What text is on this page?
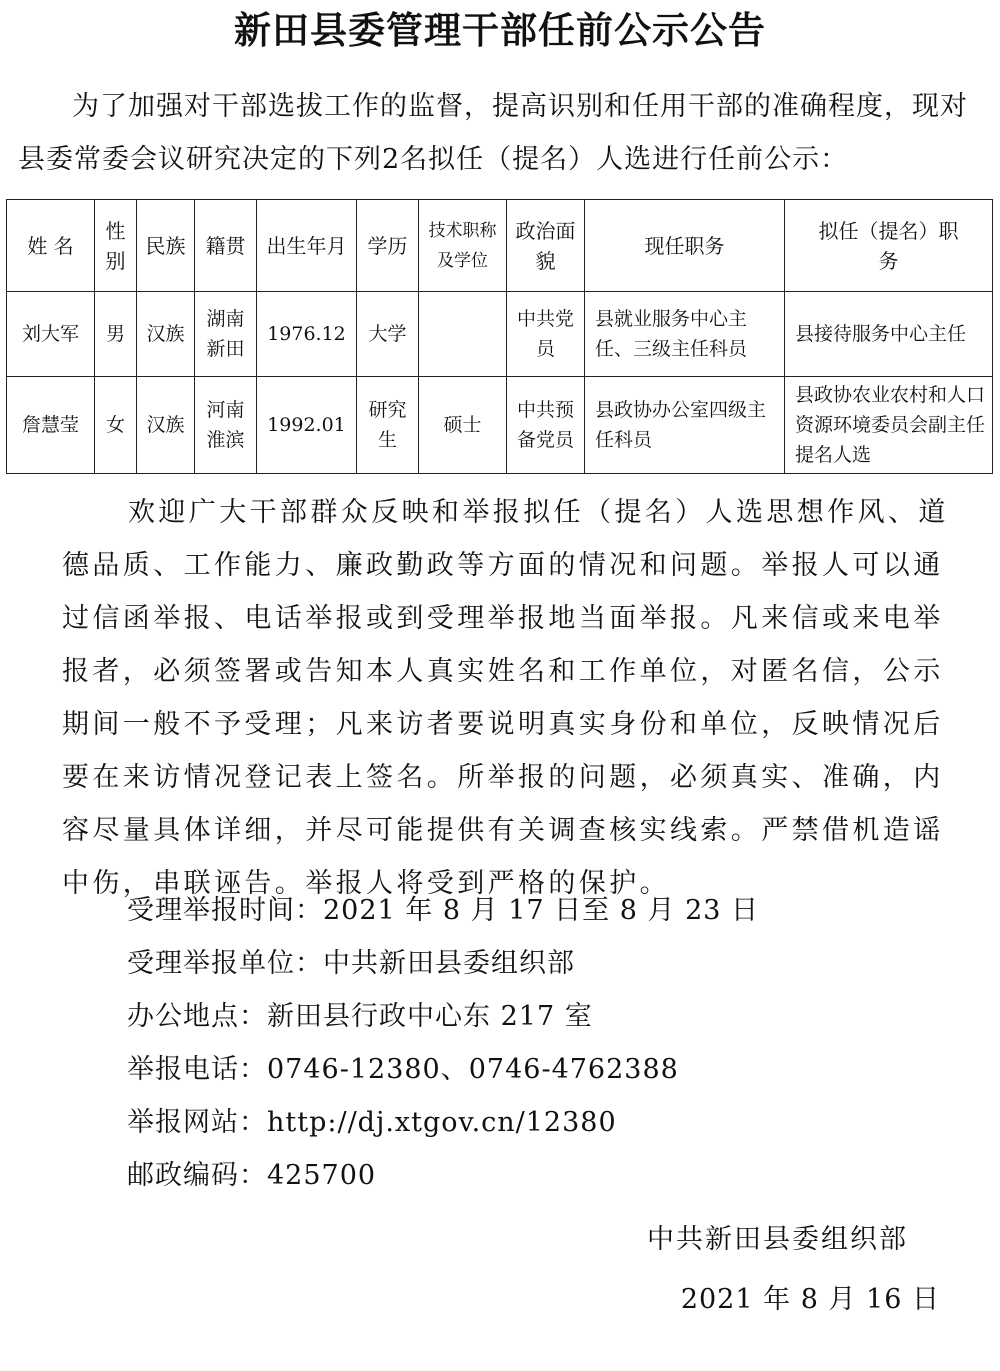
新田县委管理干部任前公示公告

为了加强对干部选拔工作的监督，提高识别和任用干部的准确程度，现对县委常委会议研究决定的下列2名拟任（提名）人选进行任前公示：

姓 名	性别	民族	籍贯	出生年月	学历	技术职称及学位	政治面貌	现任职务	拟任（提名）职　　务
刘大军	男	汉族	湖南新田	1976.12	大学		中共党员	县就业服务中心主任、三级主任科员	县接待服务中心主任
詹慧莹	女	汉族	河南淮滨	1992.01	研究生	硕士	中共预备党员	县政协办公室四级主任科员	县政协农业农村和人口资源环境委员会副主任提名人选

欢迎广大干部群众反映和举报拟任（提名）人选思想作风、道德品质、工作能力、廉政勤政等方面的情况和问题。举报人可以通过信函举报、电话举报或到受理举报地当面举报。凡来信或来电举报者，必须签署或告知本人真实姓名和工作单位，对匿名信，公示期间一般不予受理；凡来访者要说明真实身份和单位，反映情况后要在来访情况登记表上签名。所举报的问题，必须真实、准确，内容尽量具体详细，并尽可能提供有关调查核实线索。严禁借机造谣中伤，串联诬告。举报人将受到严格的保护。

受理举报时间：2021 年 8 月 17 日至 8 月 23 日
受理举报单位：中共新田县委组织部
办公地点：新田县行政中心东 217 室
举报电话：0746-12380、0746-4762388
举报网站：http://dj.xtgov.cn/12380
邮政编码：425700
中共新田县委组织部
2021 年 8 月 16 日
